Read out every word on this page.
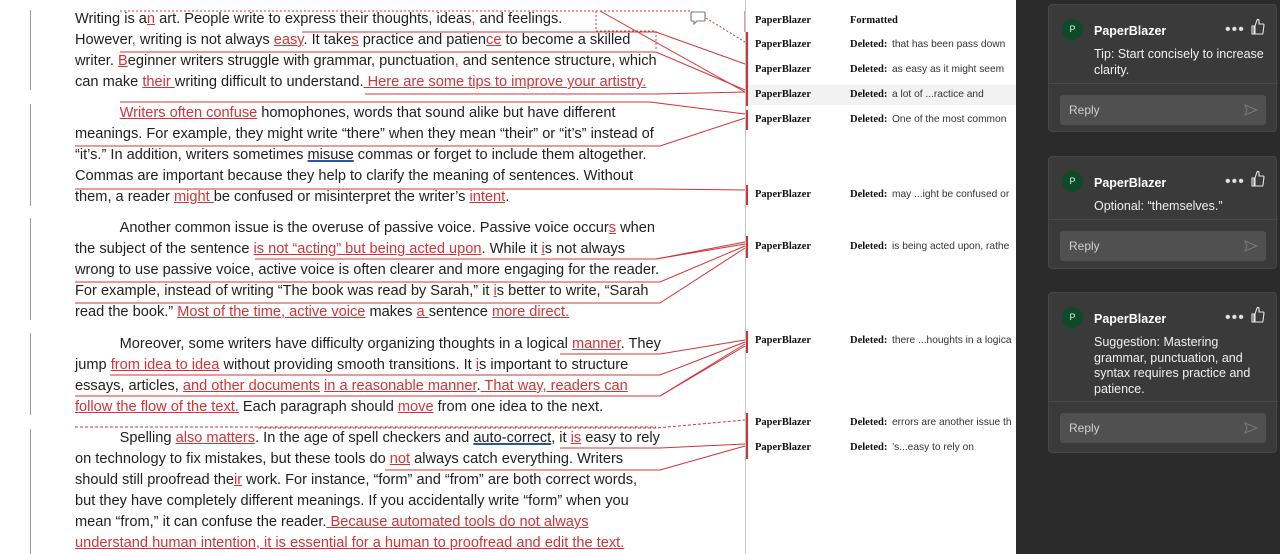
Writing is an art. People write to express their thoughts, ideas, and feelings.

However, writing is not always easy. It takes practice and patience to become a skilled

writer. Beginner writers struggle with grammar, punctuation, and sentence structure, which

can make their writing difficult to understand. Here are some tips to improve your artistry.

Writers often confuse homophones, words that sound alike but have different

meanings. For example, they might write “there” when they mean “their” or “it’s” instead of

“it’s.” In addition, writers sometimes misuse commas or forget to include them altogether.

Commas are important because they help to clarify the meaning of sentences. Without

them, a reader might be confused or misinterpret the writer’s intent.

Another common issue is the overuse of passive voice. Passive voice occurs when

the subject of the sentence is not “acting” but being acted upon. While it is not always

wrong to use passive voice, active voice is often clearer and more engaging for the reader.

For example, instead of writing “The book was read by Sarah,” it is better to write, “Sarah

read the book.” Most of the time, active voice makes a sentence more direct.

Moreover, some writers have difficulty organizing thoughts in a logical manner. They

jump from idea to idea without providing smooth transitions. It is important to structure

essays, articles, and other documents in a reasonable manner. That way, readers can

follow the flow of the text. Each paragraph should move from one idea to the next.

Spelling also matters. In the age of spell checkers and auto-correct, it is easy to rely

on technology to fix mistakes, but these tools do not always catch everything. Writers

should still proofread their work. For instance, “form” and “from” are both correct words,

but they have completely different meanings. If you accidentally write “form” when you

mean “from,” it can confuse the reader. Because automated tools do not always

understand human intention, it is essential for a human to proofread and edit the text.

PaperBlazer	Formatted
PaperBlazer	Deleted: that has been pass down
PaperBlazer	Deleted: as easy as it might seem
PaperBlazer	Deleted: a lot of ...ractice and
PaperBlazer	Deleted: One of the most common
PaperBlazer	Deleted: may ...ight be confused or
PaperBlazer	Deleted: is being acted upon, rathe
PaperBlazer	Deleted: there ...houghts in a logica
PaperBlazer	Deleted: errors are another issue th
PaperBlazer	Deleted: ’s...easy to rely on
P	PaperBlazer	•••
Tip: Start concisely to increase clarity.
Reply
P	PaperBlazer	•••
Optional: “themselves.”
Reply
P	PaperBlazer	•••
Suggestion: Mastering grammar, punctuation, and syntax requires practice and patience.
Reply
